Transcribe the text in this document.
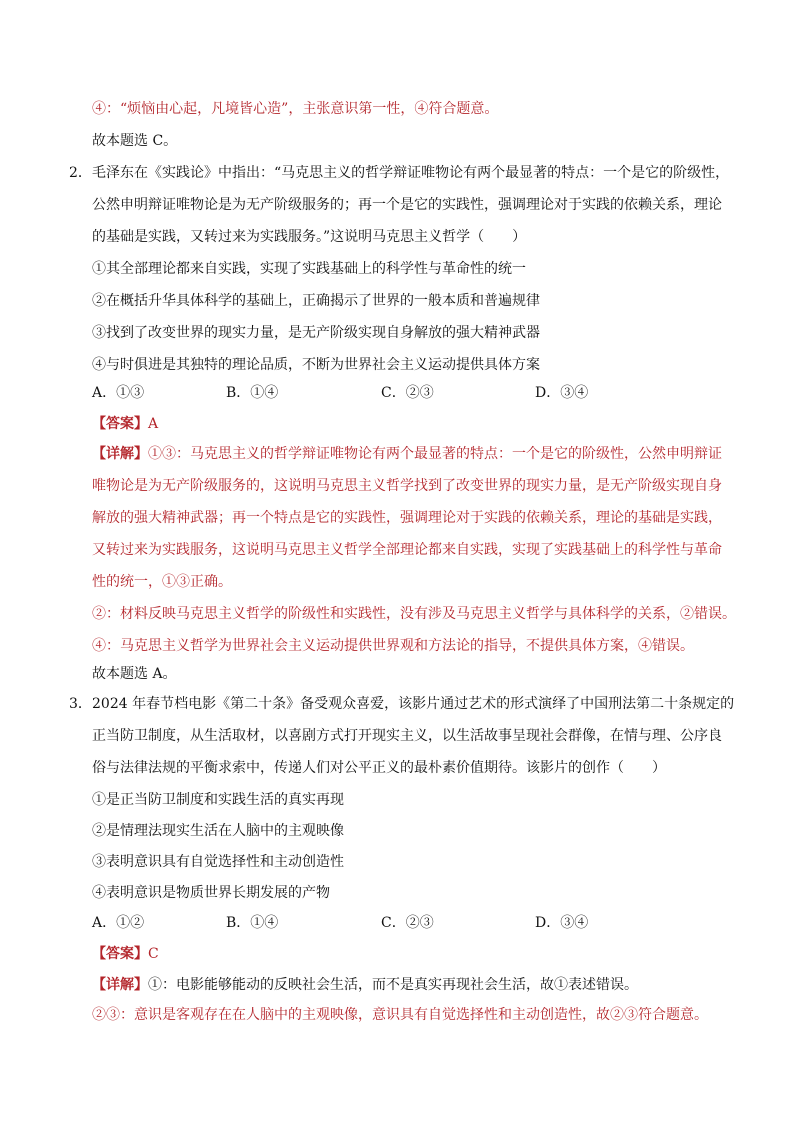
④：“烦恼由心起，凡境皆心造”，主张意识第一性，④符合题意。
故本题选 C。
2． 毛泽东在《实践论》中指出：“马克思主义的哲学辩证唯物论有两个最显著的特点：一个是它的阶级性，
公然申明辩证唯物论是为无产阶级服务的；再一个是它的实践性，强调理论对于实践的依赖关系，理论
的基础是实践，又转过来为实践服务。”这说明马克思主义哲学（　　）
①其全部理论都来自实践，实现了实践基础上的科学性与革命性的统一
②在概括升华具体科学的基础上，正确揭示了世界的一般本质和普遍规律
③找到了改变世界的现实力量，是无产阶级实现自身解放的强大精神武器
④与时俱进是其独特的理论品质，不断为世界社会主义运动提供具体方案
A．①③	B．①④	C．②③	D．③④
【答案】A
【详解】①③：马克思主义的哲学辩证唯物论有两个最显著的特点：一个是它的阶级性，公然申明辩证
唯物论是为无产阶级服务的，这说明马克思主义哲学找到了改变世界的现实力量，是无产阶级实现自身
解放的强大精神武器；再一个特点是它的实践性，强调理论对于实践的依赖关系，理论的基础是实践，
又转过来为实践服务，这说明马克思主义哲学全部理论都来自实践，实现了实践基础上的科学性与革命
性的统一，①③正确。
②：材料反映马克思主义哲学的阶级性和实践性，没有涉及马克思主义哲学与具体科学的关系，②错误。
④：马克思主义哲学为世界社会主义运动提供世界观和方法论的指导，不提供具体方案，④错误。
故本题选 A。
3． 2024 年春节档电影《第二十条》备受观众喜爱，该影片通过艺术的形式演绎了中国刑法第二十条规定的
正当防卫制度，从生活取材，以喜剧方式打开现实主义，以生活故事呈现社会群像，在情与理、公序良
俗与法律法规的平衡求索中，传递人们对公平正义的最朴素价值期待。该影片的创作（　　）
①是正当防卫制度和实践生活的真实再现
②是情理法现实生活在人脑中的主观映像
③表明意识具有自觉选择性和主动创造性
④表明意识是物质世界长期发展的产物
A．①②	B．①④	C．②③	D．③④
【答案】C
【详解】①：电影能够能动的反映社会生活，而不是真实再现社会生活，故①表述错误。
②③：意识是客观存在在人脑中的主观映像，意识具有自觉选择性和主动创造性，故②③符合题意。
